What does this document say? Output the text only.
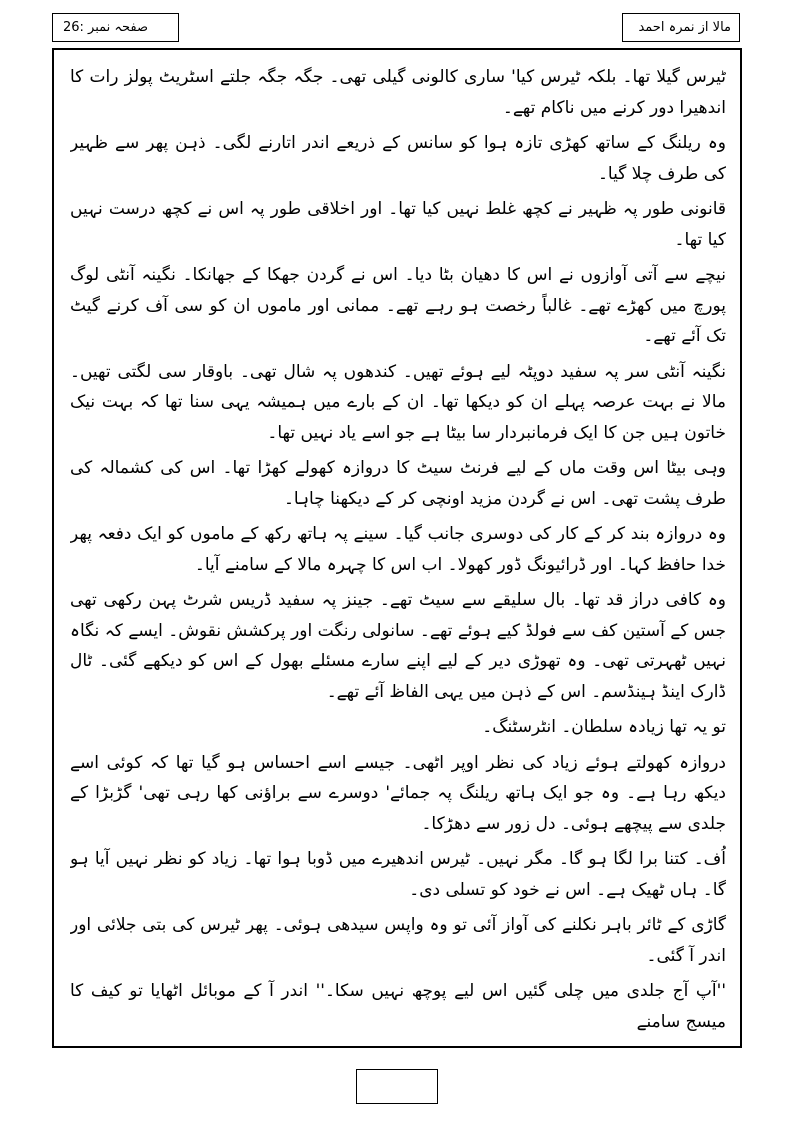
صفحہ نمبر :26	مالا از نمرہ احمد

ٹیرس گیلا تھا۔ بلکہ ٹیرس کیا' ساری کالونی گیلی تھی۔ جگہ جگہ جلتے اسٹریٹ پولز رات کا اندھیرا دور کرنے میں ناکام تھے۔

وہ ریلنگ کے ساتھ کھڑی تازہ ہوا کو سانس کے ذریعے اندر اتارنے لگی۔ ذہن پھر سے ظہیر کی طرف چلا گیا۔

قانونی طور پہ ظہیر نے کچھ غلط نہیں کیا تھا۔ اور اخلاقی طور پہ اس نے کچھ درست نہیں کیا تھا۔

نیچے سے آتی آوازوں نے اس کا دھیان بٹا دیا۔ اس نے گردن جھکا کے جھانکا۔ نگینہ آنٹی لوگ پورچ میں کھڑے تھے۔ غالباً رخصت ہو رہے تھے۔ ممانی اور ماموں ان کو سی آف کرنے گیٹ تک آئے تھے۔

نگینہ آنٹی سر پہ سفید دوپٹہ لیے ہوئے تھیں۔ کندھوں پہ شال تھی۔ باوقار سی لگتی تھیں۔ مالا نے بہت عرصہ پہلے ان کو دیکھا تھا۔ ان کے بارے میں ہمیشہ یہی سنا تھا کہ بہت نیک خاتون ہیں جن کا ایک فرمانبردار سا بیٹا ہے جو اسے یاد نہیں تھا۔

وہی بیٹا اس وقت ماں کے لیے فرنٹ سیٹ کا دروازہ کھولے کھڑا تھا۔ اس کی کشمالہ کی طرف پشت تھی۔ اس نے گردن مزید اونچی کر کے دیکھنا چاہا۔

وہ دروازہ بند کر کے کار کی دوسری جانب گیا۔ سینے پہ ہاتھ رکھ کے ماموں کو ایک دفعہ پھر خدا حافظ کہا۔ اور ڈرائیونگ ڈور کھولا۔ اب اس کا چہرہ مالا کے سامنے آیا۔

وہ کافی دراز قد تھا۔ بال سلیقے سے سیٹ تھے۔ جینز پہ سفید ڈریس شرٹ پہن رکھی تھی جس کے آستین کف سے فولڈ کیے ہوئے تھے۔ سانولی رنگت اور پرکشش نقوش۔ ایسے کہ نگاہ نہیں ٹھہرتی تھی۔ وہ تھوڑی دیر کے لیے اپنے سارے مسئلے بھول کے اس کو دیکھے گئی۔ ٹال ڈارک اینڈ ہینڈسم۔ اس کے ذہن میں یہی الفاظ آئے تھے۔

تو یہ تھا زیادہ سلطان۔ انٹرسٹنگ۔

دروازہ کھولتے ہوئے زیاد کی نظر اوپر اٹھی۔ جیسے اسے احساس ہو گیا تھا کہ کوئی اسے دیکھ رہا ہے۔ وہ جو ایک ہاتھ ریلنگ پہ جمائے' دوسرے سے براؤنی کھا رہی تھی' گڑبڑا کے جلدی سے پیچھے ہوئی۔ دل زور سے دھڑکا۔

اُف۔ کتنا برا لگا ہو گا۔ مگر نہیں۔ ٹیرس اندھیرے میں ڈوبا ہوا تھا۔ زیاد کو نظر نہیں آیا ہو گا۔ ہاں ٹھیک ہے۔ اس نے خود کو تسلی دی۔

گاڑی کے ٹائر باہر نکلنے کی آواز آئی تو وہ واپس سیدھی ہوئی۔ پھر ٹیرس کی بتی جلائی اور اندر آ گئی۔

''آپ آج جلدی میں چلی گئیں اس لیے پوچھ نہیں سکا۔'' اندر آ کے موبائل اٹھایا تو کیف کا میسج سامنے
